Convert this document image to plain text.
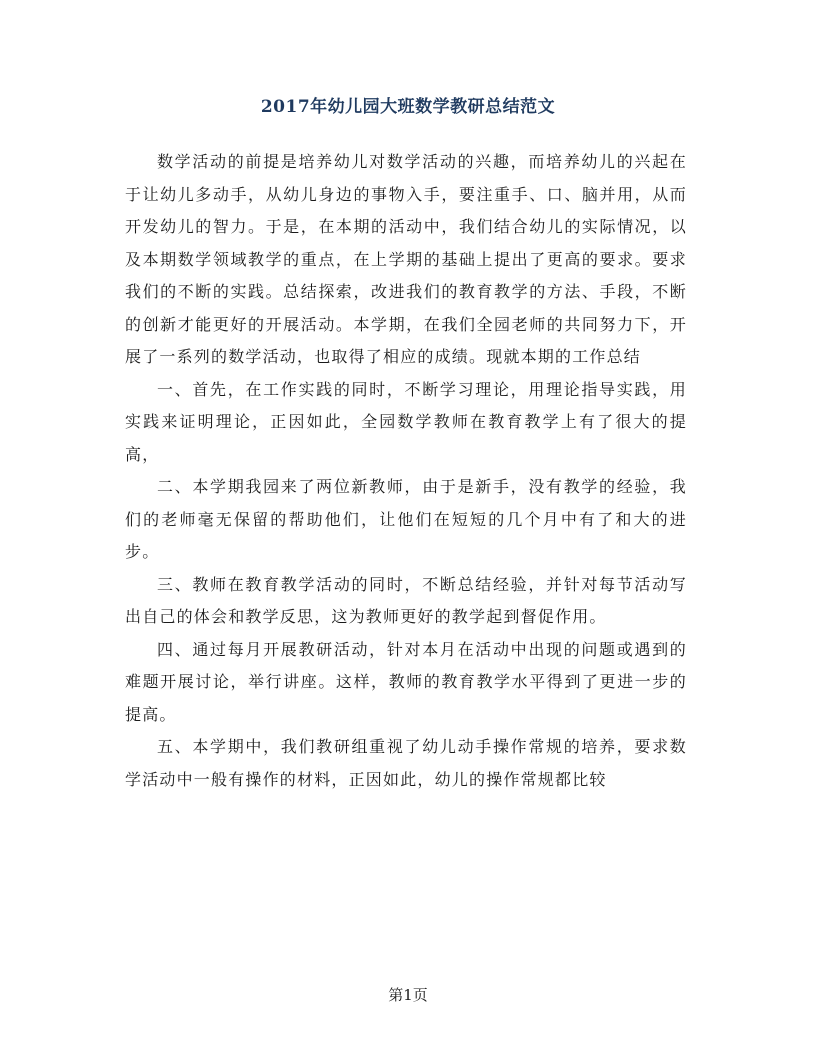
2017年幼儿园大班数学教研总结范文

数学活动的前提是培养幼儿对数学活动的兴趣，而培养幼儿的兴起在于让幼儿多动手，从幼儿身边的事物入手，要注重手、口、脑并用，从而开发幼儿的智力。于是，在本期的活动中，我们结合幼儿的实际情况，以及本期数学领域教学的重点，在上学期的基础上提出了更高的要求。要求我们的不断的实践。总结探索，改进我们的教育教学的方法、手段，不断的创新才能更好的开展活动。本学期，在我们全园老师的共同努力下，开展了一系列的数学活动，也取得了相应的成绩。现就本期的工作总结

一、首先，在工作实践的同时，不断学习理论，用理论指导实践，用实践来证明理论，正因如此，全园数学教师在教育教学上有了很大的提高，

二、本学期我园来了两位新教师，由于是新手，没有教学的经验，我们的老师毫无保留的帮助他们，让他们在短短的几个月中有了和大的进步。

三、教师在教育教学活动的同时，不断总结经验，并针对每节活动写出自己的体会和教学反思，这为教师更好的教学起到督促作用。

四、通过每月开展教研活动，针对本月在活动中出现的问题或遇到的难题开展讨论，举行讲座。这样，教师的教育教学水平得到了更进一步的提高。

五、本学期中，我们教研组重视了幼儿动手操作常规的培养，要求数学活动中一般有操作的材料，正因如此，幼儿的操作常规都比较

第1页
